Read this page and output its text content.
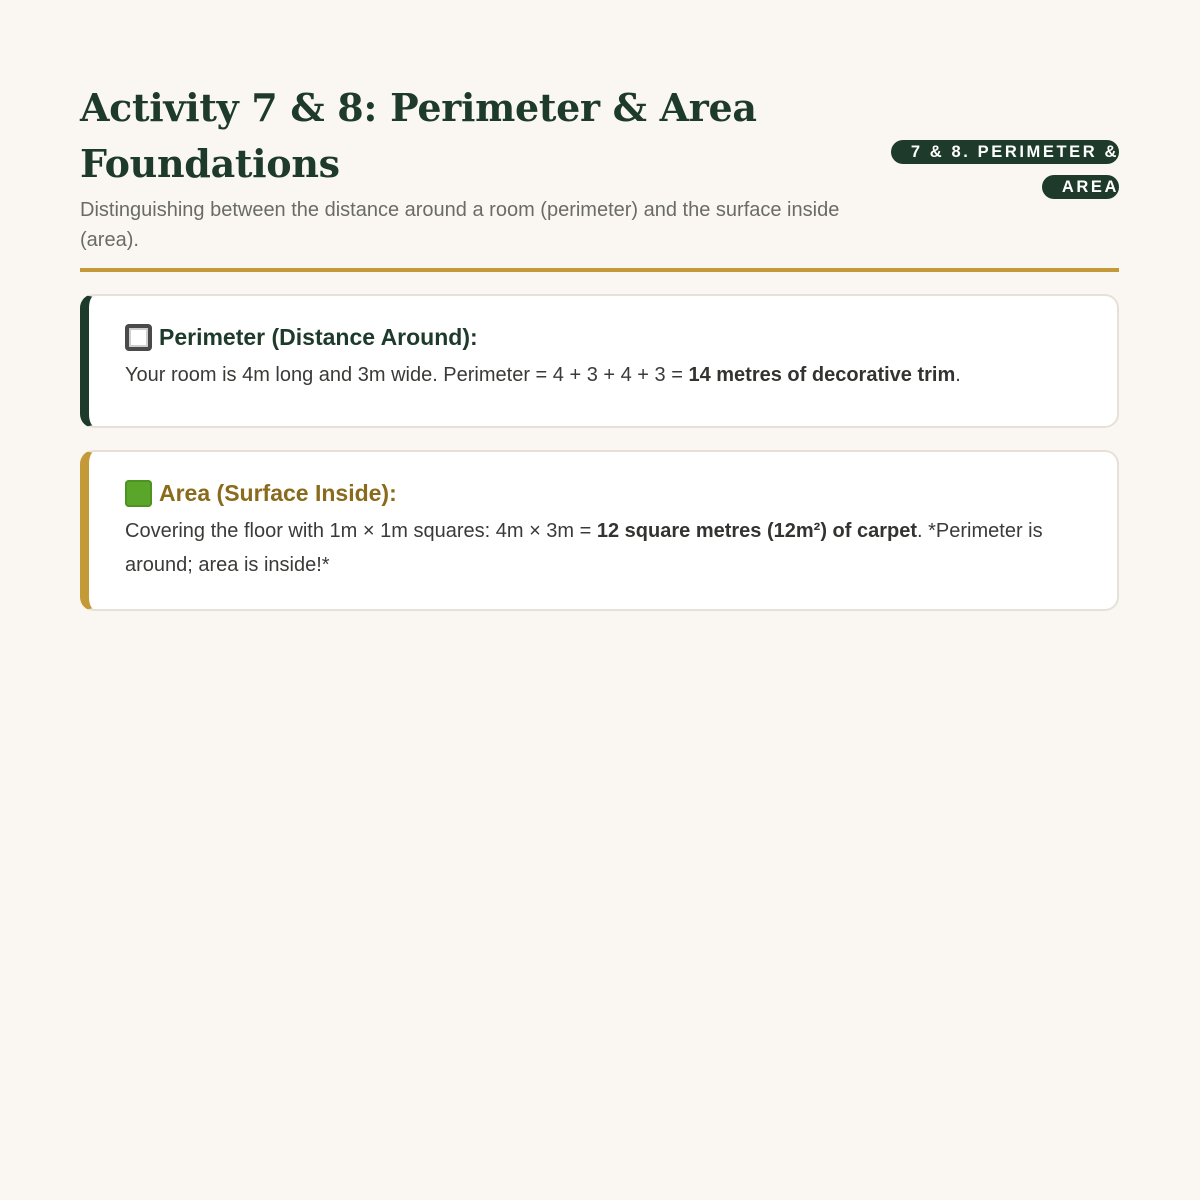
Activity 7 & 8: Perimeter & Area Foundations

Distinguishing between the distance around a room (perimeter) and the surface inside (area).

7 & 8. PERIMETER & AREA
Perimeter (Distance Around):

Your room is 4m long and 3m wide. Perimeter = 4 + 3 + 4 + 3 = 14 metres of decorative trim.

Area (Surface Inside):

Covering the floor with 1m × 1m squares: 4m × 3m = 12 square metres (12m²) of carpet. *Perimeter is around; area is inside!*
